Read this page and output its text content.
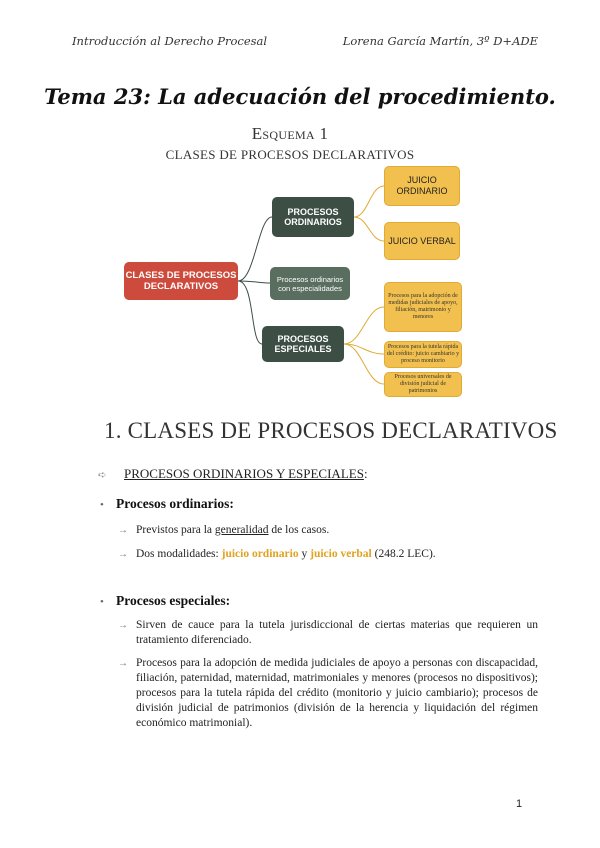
Introducción al Derecho Procesal	Lorena García Martín, 3º D+ADE
Tema 23: La adecuación del procedimiento.
Esquema 1
CLASES DE PROCESOS DECLARATIVOS
CLASES DE PROCESOS DECLARATIVOS
PROCESOS ORDINARIOS
Procesos ordinarios con especialidades
PROCESOS ESPECIALES
JUICIO ORDINARIO
JUICIO VERBAL
Procesos para la adopción de medidas judiciales de apoyo, filiación, matrimonio y menores
Procesos para la tutela rápida del crédito: juicio cambiario y proceso monitorio
Procesos universales de división judicial de patrimonios
1. CLASES DE PROCESOS DECLARATIVOS
➪	PROCESOS ORDINARIOS Y ESPECIALES:
• Procesos ordinarios:
→ Previstos para la generalidad de los casos.
→ Dos modalidades: juicio ordinario y juicio verbal (248.2 LEC).
• Procesos especiales:
→ Sirven de cauce para la tutela jurisdiccional de ciertas materias que requieren un tratamiento diferenciado.
→ Procesos para la adopción de medida judiciales de apoyo a personas con discapacidad, filiación, paternidad, maternidad, matrimoniales y menores (procesos no dispositivos); procesos para la tutela rápida del crédito (monitorio y juicio cambiario); procesos de división judicial de patrimonios (división de la herencia y liquidación del régimen económico matrimonial).
1
